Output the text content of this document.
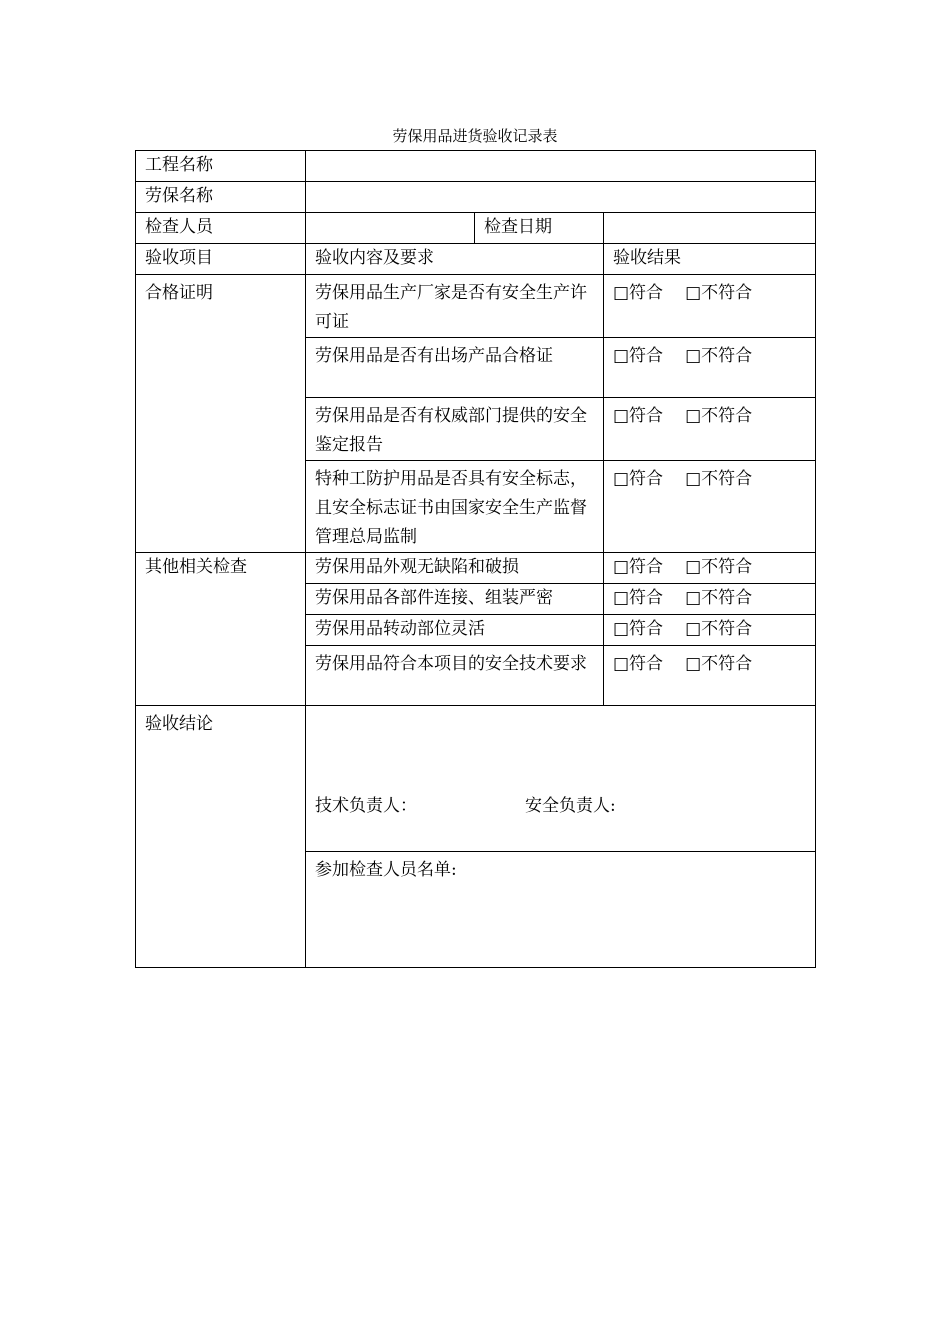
劳保用品进货验收记录表
工程名称			
劳保名称			
检查人员		检查日期	
验收项目	验收内容及要求		验收结果
合格证明	劳保用品生产厂家是否有安全生产许可证		□符合 □不符合
	劳保用品是否有出场产品合格证		□符合 □不符合
	劳保用品是否有权威部门提供的安全鉴定报告		□符合 □不符合
	特种工防护用品是否具有安全标志，且安全标志证书由国家安全生产监督管理总局监制		□符合 □不符合
其他相关检查	劳保用品外观无缺陷和破损		□符合 □不符合
	劳保用品各部件连接、组装严密		□符合 □不符合
	劳保用品转动部位灵活		□符合 □不符合
	劳保用品符合本项目的安全技术要求		□符合 □不符合
验收结论	技术负责人： 安全负责人:		

	参加检查人员名单:		
